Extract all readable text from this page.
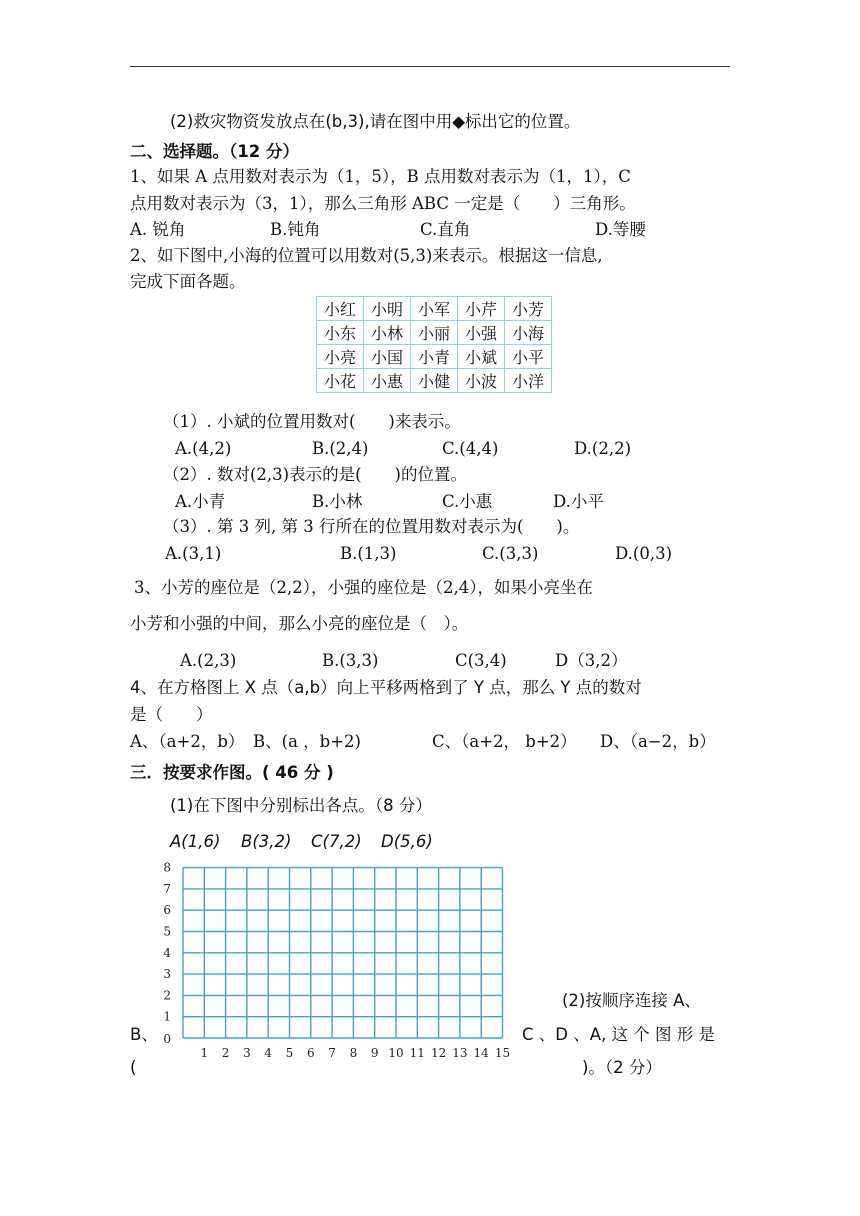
(2)救灾物资发放点在(b,3),请在图中用◆标出它的位置。
二、选择题。（12 分）
1、如果 A 点用数对表示为（1，5），B 点用数对表示为（1，1），C
点用数对表示为（3，1），那么三角形 ABC 一定是（　　）三角形。
A. 锐角	B.钝角	C.直角	D.等腰
2、如下图中,小海的位置可以用数对(5,3)来表示。根据这一信息,
完成下面各题。
小红	小明	小军	小芹	小芳
小东	小林	小丽	小强	小海
小亮	小国	小青	小斌	小平
小花	小惠	小健	小波	小洋
（1）. 小斌的位置用数对(　　)来表示。
A.(4,2)	B.(2,4)	C.(4,4)	D.(2,2)
（2）. 数对(2,3)表示的是(　　)的位置。
A.小青	B.小林	C.小惠	D.小平
（3）. 第 3 列, 第 3 行所在的位置用数对表示为(　　)。
A.(3,1)	B.(1,3)	C.(3,3)	D.(0,3)
3、小芳的座位是（2,2），小强的座位是（2,4），如果小亮坐在
小芳和小强的中间，那么小亮的座位是（　）。
A.(2,3)	B.(3,3)	C(3,4)	D（3,2）
4、在方格图上 X 点（a,b）向上平移两格到了 Y 点，那么 Y 点的数对
是（　　）
A、（a+2，b） B、(a ，b+2)	C、（a+2， b+2） D、（a−2，b）
三．按要求作图。( 46 分 )
(1)在下图中分别标出各点。（8 分）
A(1,6) B(3,2) C(7,2) D(5,6)
1 2 3 4 5 6 7 8 9 10 11 12 13 14 15
1
2
3
4
5
6
7
8
0
(2)按顺序连接 A、
B、	C 、D 、A, 这 个 图 形 是
(	)。（2 分）
